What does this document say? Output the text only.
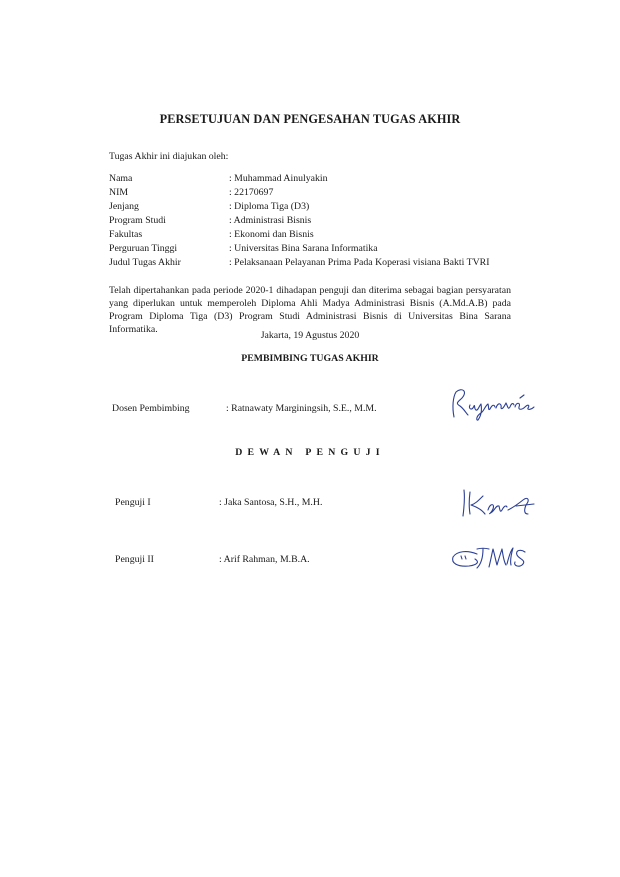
PERSETUJUAN DAN PENGESAHAN TUGAS AKHIR
Tugas Akhir ini diajukan oleh:
Nama	: Muhammad Ainulyakin
NIM	: 22170697
Jenjang	: Diploma Tiga (D3)
Program Studi	: Administrasi Bisnis
Fakultas	: Ekonomi dan Bisnis
Perguruan Tinggi	: Universitas Bina Sarana Informatika
Judul Tugas Akhir	: Pelaksanaan Pelayanan Prima Pada Koperasi visiana Bakti TVRI
Telah dipertahankan pada periode 2020-1 dihadapan penguji dan diterima sebagai bagian persyaratan yang diperlukan untuk memperoleh Diploma Ahli Madya Administrasi Bisnis (A.Md.A.B) pada Program Diploma Tiga (D3) Program Studi Administrasi Bisnis di Universitas Bina Sarana Informatika.
Jakarta, 19 Agustus 2020
PEMBIMBING TUGAS AKHIR
Dosen Pembimbing	: Ratnawaty Marginingsih, S.E., M.M.
DEWAN PENGUJI
Penguji I	: Jaka Santosa, S.H., M.H.
Penguji II	: Arif Rahman, M.B.A.
